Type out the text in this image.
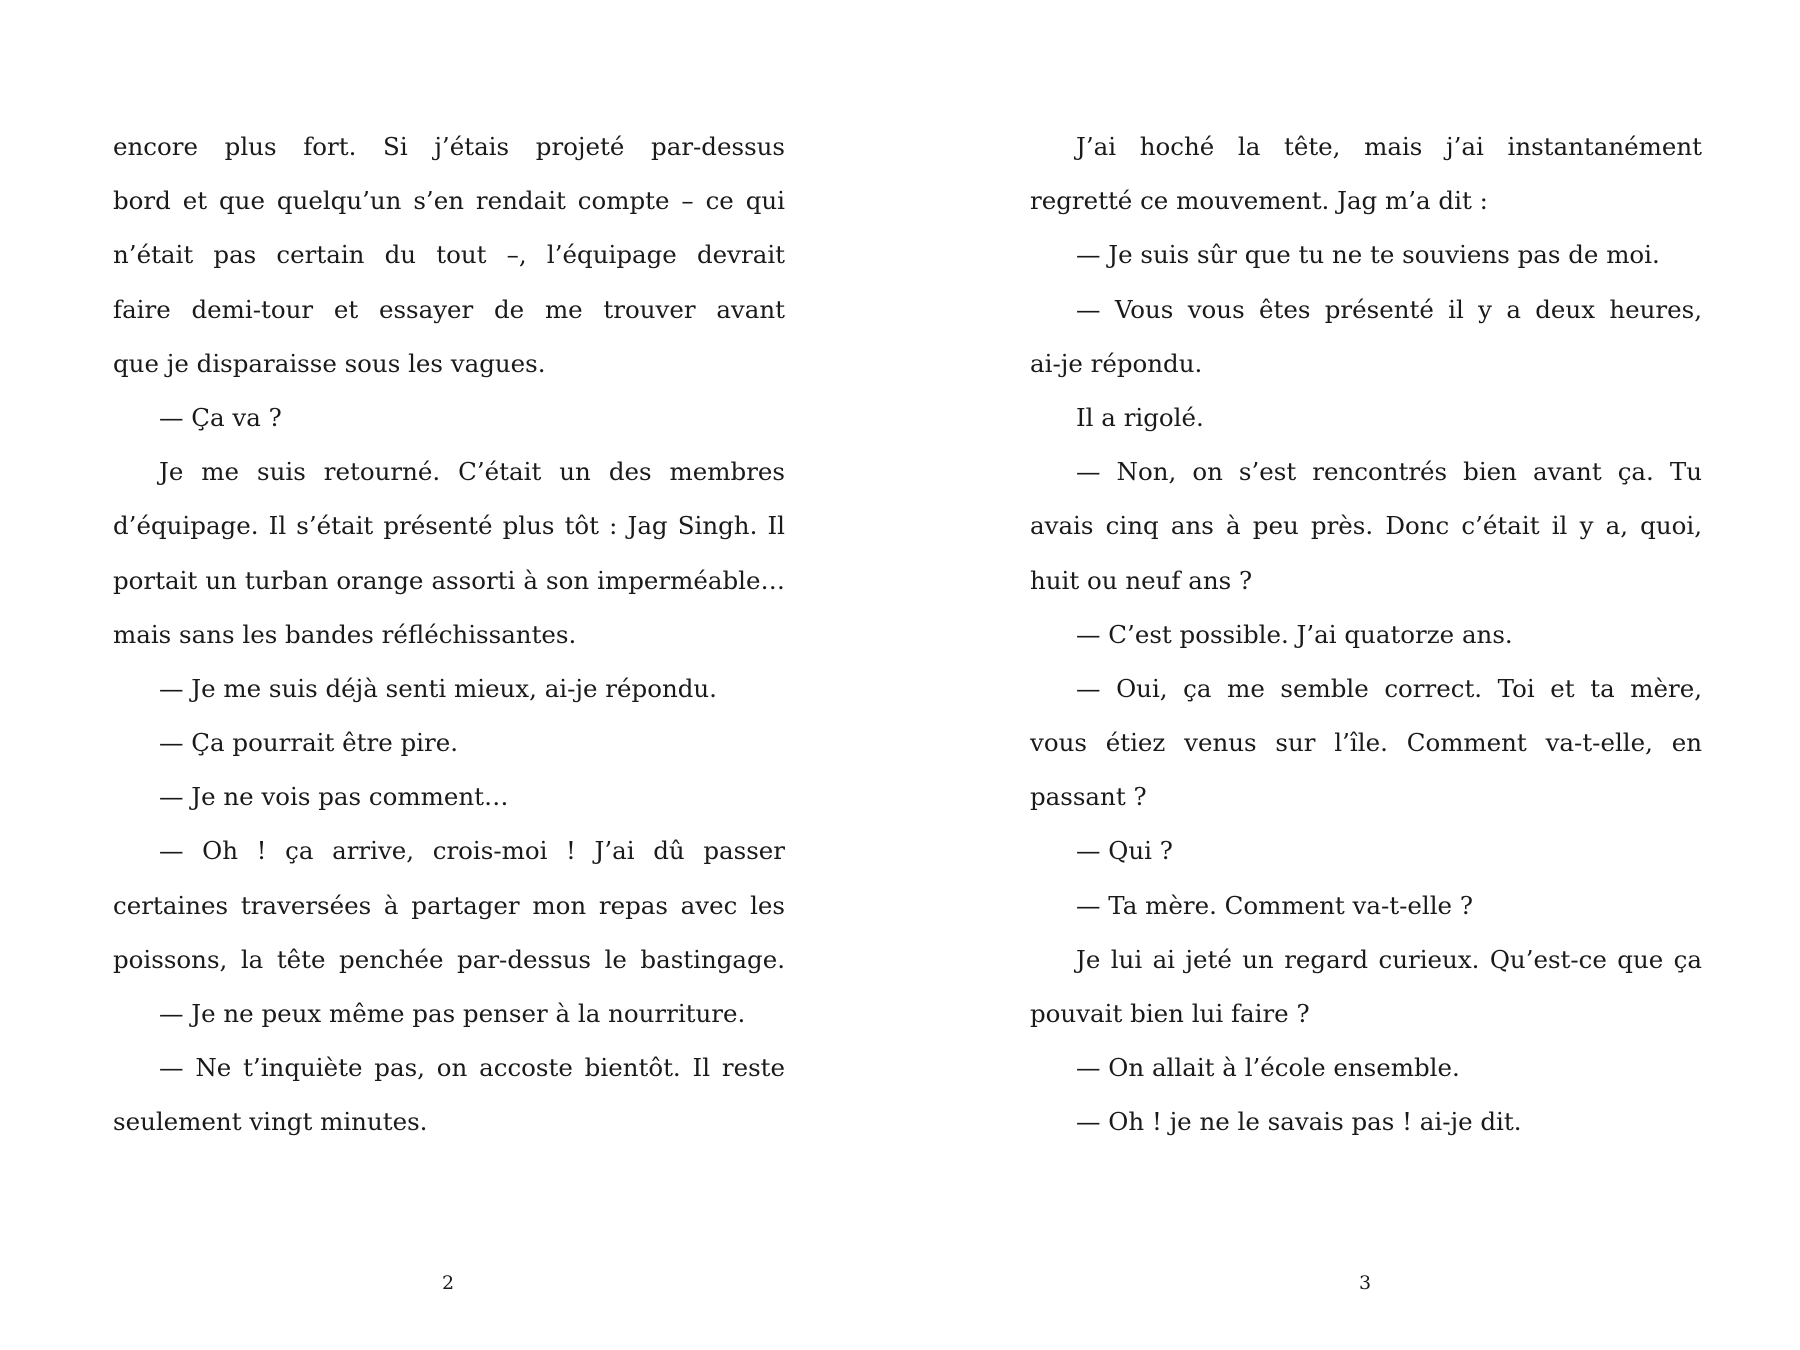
encore plus fort. Si j’étais projeté par-dessus
bord et que quelqu’un s’en rendait compte – ce qui
n’était pas certain du tout –, l’équipage devrait
faire demi-tour et essayer de me trouver avant
que je disparaisse sous les vagues.
— Ça va ?
Je me suis retourné. C’était un des membres
d’équipage. Il s’était présenté plus tôt : Jag Singh. Il
portait un turban orange assorti à son imperméable…
mais sans les bandes réfléchissantes.
— Je me suis déjà senti mieux, ai-je répondu.
— Ça pourrait être pire.
— Je ne vois pas comment…
— Oh ! ça arrive, crois-moi ! J’ai dû passer
certaines traversées à partager mon repas avec les
poissons, la tête penchée par-dessus le bastingage.
— Je ne peux même pas penser à la nourriture.
— Ne t’inquiète pas, on accoste bientôt. Il reste
seulement vingt minutes.
J’ai hoché la tête, mais j’ai instantanément
regretté ce mouvement. Jag m’a dit :
— Je suis sûr que tu ne te souviens pas de moi.
— Vous vous êtes présenté il y a deux heures,
ai-je répondu.
Il a rigolé.
— Non, on s’est rencontrés bien avant ça. Tu
avais cinq ans à peu près. Donc c’était il y a, quoi,
huit ou neuf ans ?
— C’est possible. J’ai quatorze ans.
— Oui, ça me semble correct. Toi et ta mère,
vous étiez venus sur l’île. Comment va-t-elle, en
passant ?
— Qui ?
— Ta mère. Comment va-t-elle ?
Je lui ai jeté un regard curieux. Qu’est-ce que ça
pouvait bien lui faire ?
— On allait à l’école ensemble.
— Oh ! je ne le savais pas ! ai-je dit.
2	3
